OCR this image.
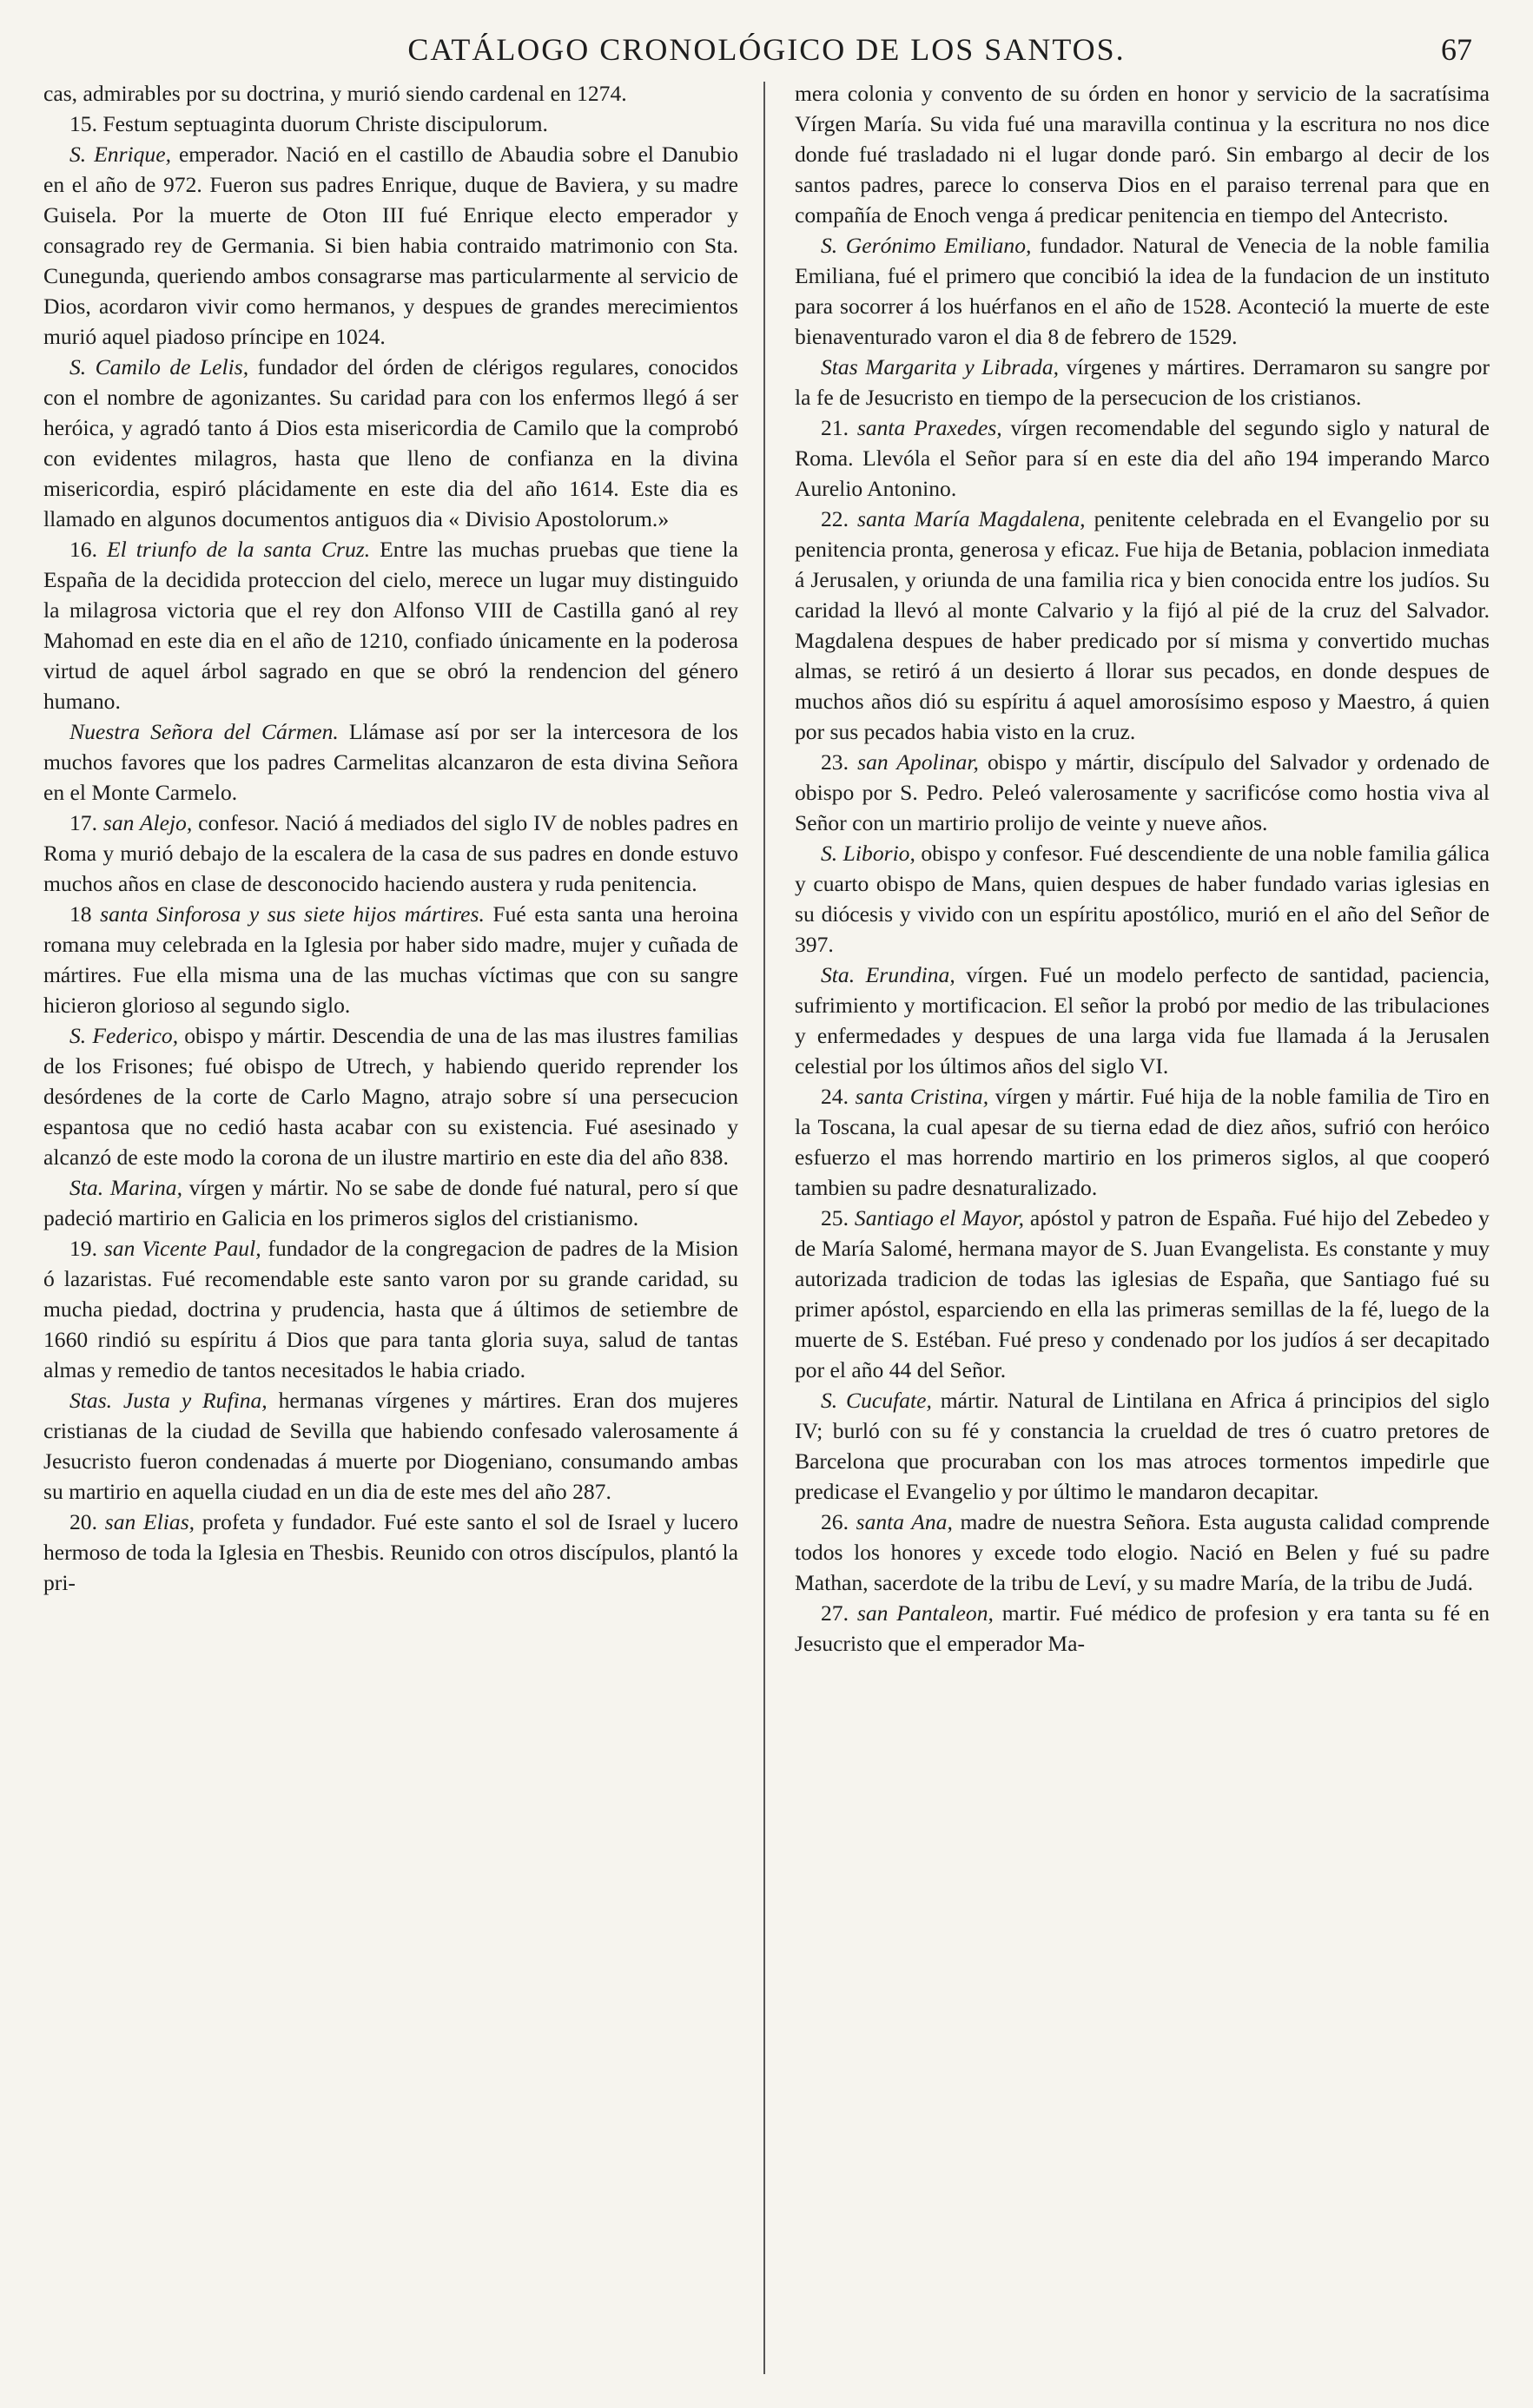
CATÁLOGO CRONOLÓGICO DE LOS SANTOS.	67

cas, admirables por su doctrina, y murió siendo cardenal en 1274.

15. Festum septuaginta duorum Christe discipulorum.

S. Enrique, emperador. Nació en el castillo de Abaudia sobre el Danubio en el año de 972. Fueron sus padres Enrique, duque de Baviera, y su madre Guisela. Por la muerte de Oton III fué Enrique electo emperador y consagrado rey de Germania. Si bien habia contraido matrimonio con Sta. Cunegunda, queriendo ambos consagrarse mas particularmente al servicio de Dios, acordaron vivir como hermanos, y despues de grandes merecimientos murió aquel piadoso príncipe en 1024.

S. Camilo de Lelis, fundador del órden de clérigos regulares, conocidos con el nombre de agonizantes. Su caridad para con los enfermos llegó á ser heróica, y agradó tanto á Dios esta misericordia de Camilo que la comprobó con evidentes milagros, hasta que lleno de confianza en la divina misericordia, espiró plácidamente en este dia del año 1614. Este dia es llamado en algunos documentos antiguos dia « Divisio Apostolorum.»

16. El triunfo de la santa Cruz. Entre las muchas pruebas que tiene la España de la decidida proteccion del cielo, merece un lugar muy distinguido la milagrosa victoria que el rey don Alfonso VIII de Castilla ganó al rey Mahomad en este dia en el año de 1210, confiado únicamente en la poderosa virtud de aquel árbol sagrado en que se obró la rendencion del género humano.

Nuestra Señora del Cármen. Llámase así por ser la intercesora de los muchos favores que los padres Carmelitas alcanzaron de esta divina Señora en el Monte Carmelo.

17. san Alejo, confesor. Nació á mediados del siglo IV de nobles padres en Roma y murió debajo de la escalera de la casa de sus padres en donde estuvo muchos años en clase de desconocido haciendo austera y ruda penitencia.

18 santa Sinforosa y sus siete hijos mártires. Fué esta santa una heroina romana muy celebrada en la Iglesia por haber sido madre, mujer y cuñada de mártires. Fue ella misma una de las muchas víctimas que con su sangre hicieron glorioso al segundo siglo.

S. Federico, obispo y mártir. Descendia de una de las mas ilustres familias de los Frisones; fué obispo de Utrech, y habiendo querido reprender los desórdenes de la corte de Carlo Magno, atrajo sobre sí una persecucion espantosa que no cedió hasta acabar con su existencia. Fué asesinado y alcanzó de este modo la corona de un ilustre martirio en este dia del año 838.

Sta. Marina, vírgen y mártir. No se sabe de donde fué natural, pero sí que padeció martirio en Galicia en los primeros siglos del cristianismo.

19. san Vicente Paul, fundador de la congregacion de padres de la Mision ó lazaristas. Fué recomendable este santo varon por su grande caridad, su mucha piedad, doctrina y prudencia, hasta que á últimos de setiembre de 1660 rindió su espíritu á Dios que para tanta gloria suya, salud de tantas almas y remedio de tantos necesitados le habia criado.

Stas. Justa y Rufina, hermanas vírgenes y mártires. Eran dos mujeres cristianas de la ciudad de Sevilla que habiendo confesado valerosamente á Jesucristo fueron condenadas á muerte por Diogeniano, consumando ambas su martirio en aquella ciudad en un dia de este mes del año 287.

20. san Elias, profeta y fundador. Fué este santo el sol de Israel y lucero hermoso de toda la Iglesia en Thesbis. Reunido con otros discípulos, plantó la pri-

mera colonia y convento de su órden en honor y servicio de la sacratísima Vírgen María. Su vida fué una maravilla continua y la escritura no nos dice donde fué trasladado ni el lugar donde paró. Sin embargo al decir de los santos padres, parece lo conserva Dios en el paraiso terrenal para que en compañía de Enoch venga á predicar penitencia en tiempo del Antecristo.

S. Gerónimo Emiliano, fundador. Natural de Venecia de la noble familia Emiliana, fué el primero que concibió la idea de la fundacion de un instituto para socorrer á los huérfanos en el año de 1528. Aconteció la muerte de este bienaventurado varon el dia 8 de febrero de 1529.

Stas Margarita y Librada, vírgenes y mártires. Derramaron su sangre por la fe de Jesucristo en tiempo de la persecucion de los cristianos.

21. santa Praxedes, vírgen recomendable del segundo siglo y natural de Roma. Llevóla el Señor para sí en este dia del año 194 imperando Marco Aurelio Antonino.

22. santa María Magdalena, penitente celebrada en el Evangelio por su penitencia pronta, generosa y eficaz. Fue hija de Betania, poblacion inmediata á Jerusalen, y oriunda de una familia rica y bien conocida entre los judíos. Su caridad la llevó al monte Calvario y la fijó al pié de la cruz del Salvador. Magdalena despues de haber predicado por sí misma y convertido muchas almas, se retiró á un desierto á llorar sus pecados, en donde despues de muchos años dió su espíritu á aquel amorosísimo esposo y Maestro, á quien por sus pecados habia visto en la cruz.

23. san Apolinar, obispo y mártir, discípulo del Salvador y ordenado de obispo por S. Pedro. Peleó valerosamente y sacrificóse como hostia viva al Señor con un martirio prolijo de veinte y nueve años.

S. Liborio, obispo y confesor. Fué descendiente de una noble familia gálica y cuarto obispo de Mans, quien despues de haber fundado varias iglesias en su diócesis y vivido con un espíritu apostólico, murió en el año del Señor de 397.

Sta. Erundina, vírgen. Fué un modelo perfecto de santidad, paciencia, sufrimiento y mortificacion. El señor la probó por medio de las tribulaciones y enfermedades y despues de una larga vida fue llamada á la Jerusalen celestial por los últimos años del siglo VI.

24. santa Cristina, vírgen y mártir. Fué hija de la noble familia de Tiro en la Toscana, la cual apesar de su tierna edad de diez años, sufrió con heróico esfuerzo el mas horrendo martirio en los primeros siglos, al que cooperó tambien su padre desnaturalizado.

25. Santiago el Mayor, apóstol y patron de España. Fué hijo del Zebedeo y de María Salomé, hermana mayor de S. Juan Evangelista. Es constante y muy autorizada tradicion de todas las iglesias de España, que Santiago fué su primer apóstol, esparciendo en ella las primeras semillas de la fé, luego de la muerte de S. Estéban. Fué preso y condenado por los judíos á ser decapitado por el año 44 del Señor.

S. Cucufate, mártir. Natural de Lintilana en Africa á principios del siglo IV; burló con su fé y constancia la crueldad de tres ó cuatro pretores de Barcelona que procuraban con los mas atroces tormentos impedirle que predicase el Evangelio y por último le mandaron decapitar.

26. santa Ana, madre de nuestra Señora. Esta augusta calidad comprende todos los honores y excede todo elogio. Nació en Belen y fué su padre Mathan, sacerdote de la tribu de Leví, y su madre María, de la tribu de Judá.

27. san Pantaleon, martir. Fué médico de profesion y era tanta su fé en Jesucristo que el emperador Ma-
